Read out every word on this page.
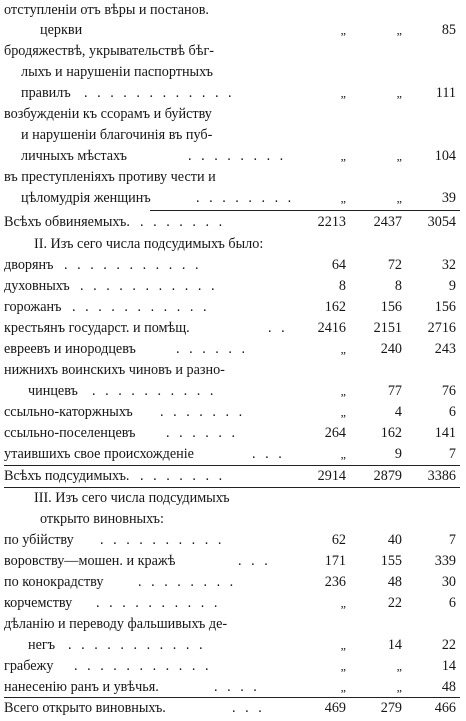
отступленіи отъ вѣры и постанов.
церкви	„	„	85
бродяжествѣ, укрывательствѣ бѣг-
лыхъ и нарушеніи паспортныхъ
правилъ . . . . . . . . . . . .	„	„ 111
возбужденіи къ ссорамъ и буйству
и нарушеніи благочинія въ пуб-
личныхъ мѣстахъ	. . . . . . . .	„	„ 104
въ преступленіяхъ противу чести и
цѣломудрія женщинъ	. . . . . . . .	„	„	39
Всѣхъ обвиняемыхъ. . . . . . . .	2213 2437 3054
II. Изъ сего числа подсудимыхъ было:
дворянъ . . . . . . . . . . .	64	72	32
духовныхъ . . . . . . . . . . .	8	8	9
горожанъ . . . . . . . . . . .	162 156 156
крестьянъ государст. и помѣщ.	. .	2416 2151 2716
евреевъ и инородцевъ	. . . . . .	„ 240 243
нижнихъ воинскихъ чиновъ и разно-
чинцевъ . . . . . . . . . .	„	77	76
ссыльно-каторжныхъ . . . . . . .	„	4	6
ссыльно-поселенцевъ . . . . . .	264 162 141
утаившихъ свое происхожденіе	. . .	„	9	7
Всѣхъ подсудимыхъ. . . . . . . .	2914 2879 3386
III. Изъ сего числа подсудимыхъ
открыто виновныхъ:
по убійству . . . . . . . . . .	62	40	7
воровству—мошен. и кражѣ	. . .	171 155 339
по конокрадству . . . . . . . .	236	48	30
корчемству . . . . . . . . . .	„	22	6
дѣланію и переводу фальшивыхъ де-
негъ . . . . . . . . . . .	„	14	22
грабежу . . . . . . . . . . .	„	„	14
нанесенію ранъ и увѣчья.	. . . .	„	„	48
Всего открыто виновныхъ.	. . .	469 279 466
